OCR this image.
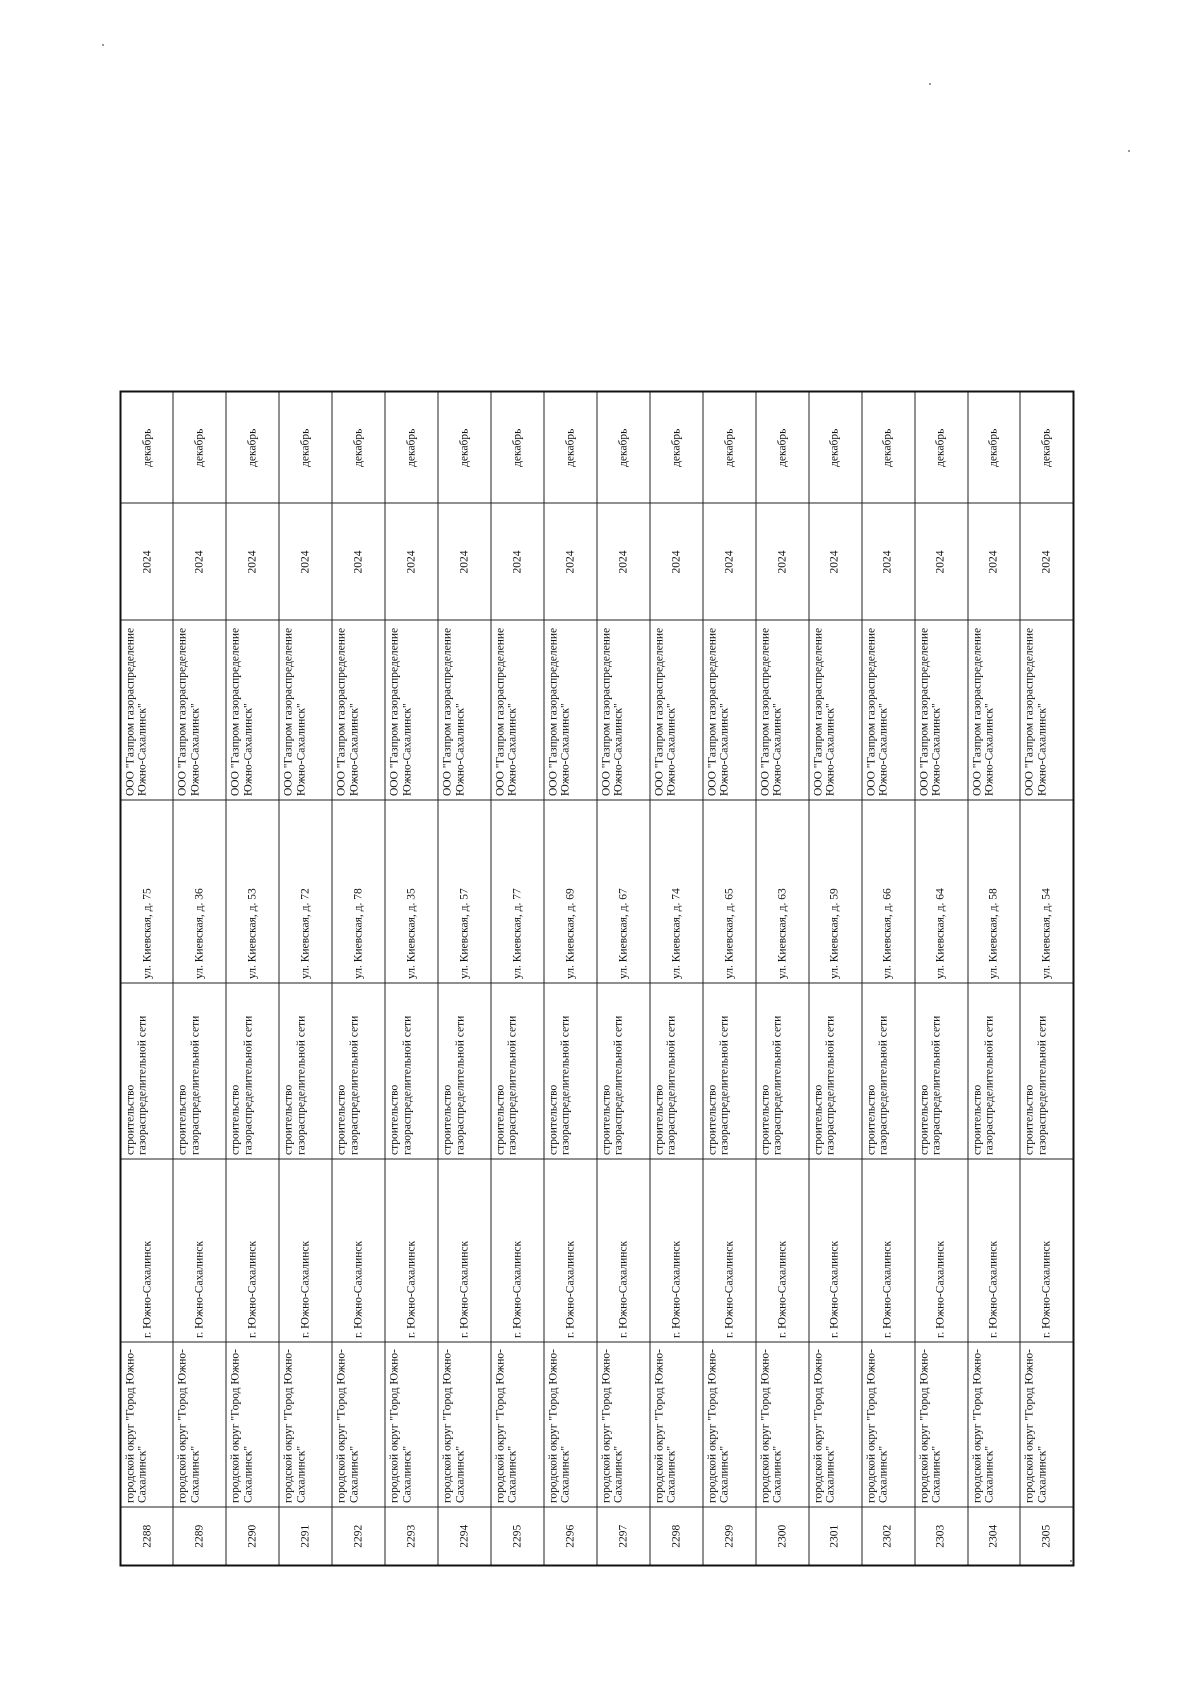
2288	городской округ "Город Южно-Сахалинск"	г. Южно-Сахалинск	строительство газораспределительной сети	ул. Киевская, д. 75	ООО "Газпром газораспределение Южно-Сахалинск"	2024	декабрь
2289	городской округ "Город Южно-Сахалинск"	г. Южно-Сахалинск	строительство газораспределительной сети	ул. Киевская, д. 36	ООО "Газпром газораспределение Южно-Сахалинск"	2024	декабрь
2290	городской округ "Город Южно-Сахалинск"	г. Южно-Сахалинск	строительство газораспределительной сети	ул. Киевская, д. 53	ООО "Газпром газораспределение Южно-Сахалинск"	2024	декабрь
2291	городской округ "Город Южно-Сахалинск"	г. Южно-Сахалинск	строительство газораспределительной сети	ул. Киевская, д. 72	ООО "Газпром газораспределение Южно-Сахалинск"	2024	декабрь
2292	городской округ "Город Южно-Сахалинск"	г. Южно-Сахалинск	строительство газораспределительной сети	ул. Киевская, д. 78	ООО "Газпром газораспределение Южно-Сахалинск"	2024	декабрь
2293	городской округ "Город Южно-Сахалинск"	г. Южно-Сахалинск	строительство газораспределительной сети	ул. Киевская, д. 35	ООО "Газпром газораспределение Южно-Сахалинск"	2024	декабрь
2294	городской округ "Город Южно-Сахалинск"	г. Южно-Сахалинск	строительство газораспределительной сети	ул. Киевская, д. 57	ООО "Газпром газораспределение Южно-Сахалинск"	2024	декабрь
2295	городской округ "Город Южно-Сахалинск"	г. Южно-Сахалинск	строительство газораспределительной сети	ул. Киевская, д. 77	ООО "Газпром газораспределение Южно-Сахалинск"	2024	декабрь
2296	городской округ "Город Южно-Сахалинск"	г. Южно-Сахалинск	строительство газораспределительной сети	ул. Киевская, д. 69	ООО "Газпром газораспределение Южно-Сахалинск"	2024	декабрь
2297	городской округ "Город Южно-Сахалинск"	г. Южно-Сахалинск	строительство газораспределительной сети	ул. Киевская, д. 67	ООО "Газпром газораспределение Южно-Сахалинск"	2024	декабрь
2298	городской округ "Город Южно-Сахалинск"	г. Южно-Сахалинск	строительство газораспределительной сети	ул. Киевская, д. 74	ООО "Газпром газораспределение Южно-Сахалинск"	2024	декабрь
2299	городской округ "Город Южно-Сахалинск"	г. Южно-Сахалинск	строительство газораспределительной сети	ул. Киевская, д. 65	ООО "Газпром газораспределение Южно-Сахалинск"	2024	декабрь
2300	городской округ "Город Южно-Сахалинск"	г. Южно-Сахалинск	строительство газораспределительной сети	ул. Киевская, д. 63	ООО "Газпром газораспределение Южно-Сахалинск"	2024	декабрь
2301	городской округ "Город Южно-Сахалинск"	г. Южно-Сахалинск	строительство газораспределительной сети	ул. Киевская, д. 59	ООО "Газпром газораспределение Южно-Сахалинск"	2024	декабрь
2302	городской округ "Город Южно-Сахалинск"	г. Южно-Сахалинск	строительство газораспределительной сети	ул. Киевская, д. 66	ООО "Газпром газораспределение Южно-Сахалинск"	2024	декабрь
2303	городской округ "Город Южно-Сахалинск"	г. Южно-Сахалинск	строительство газораспределительной сети	ул. Киевская, д. 64	ООО "Газпром газораспределение Южно-Сахалинск"	2024	декабрь
2304	городской округ "Город Южно-Сахалинск"	г. Южно-Сахалинск	строительство газораспределительной сети	ул. Киевская, д. 58	ООО "Газпром газораспределение Южно-Сахалинск"	2024	декабрь
2305	городской округ "Город Южно-Сахалинск"	г. Южно-Сахалинск	строительство газораспределительной сети	ул. Киевская, д. 54	ООО "Газпром газораспределение Южно-Сахалинск"	2024	декабрь
